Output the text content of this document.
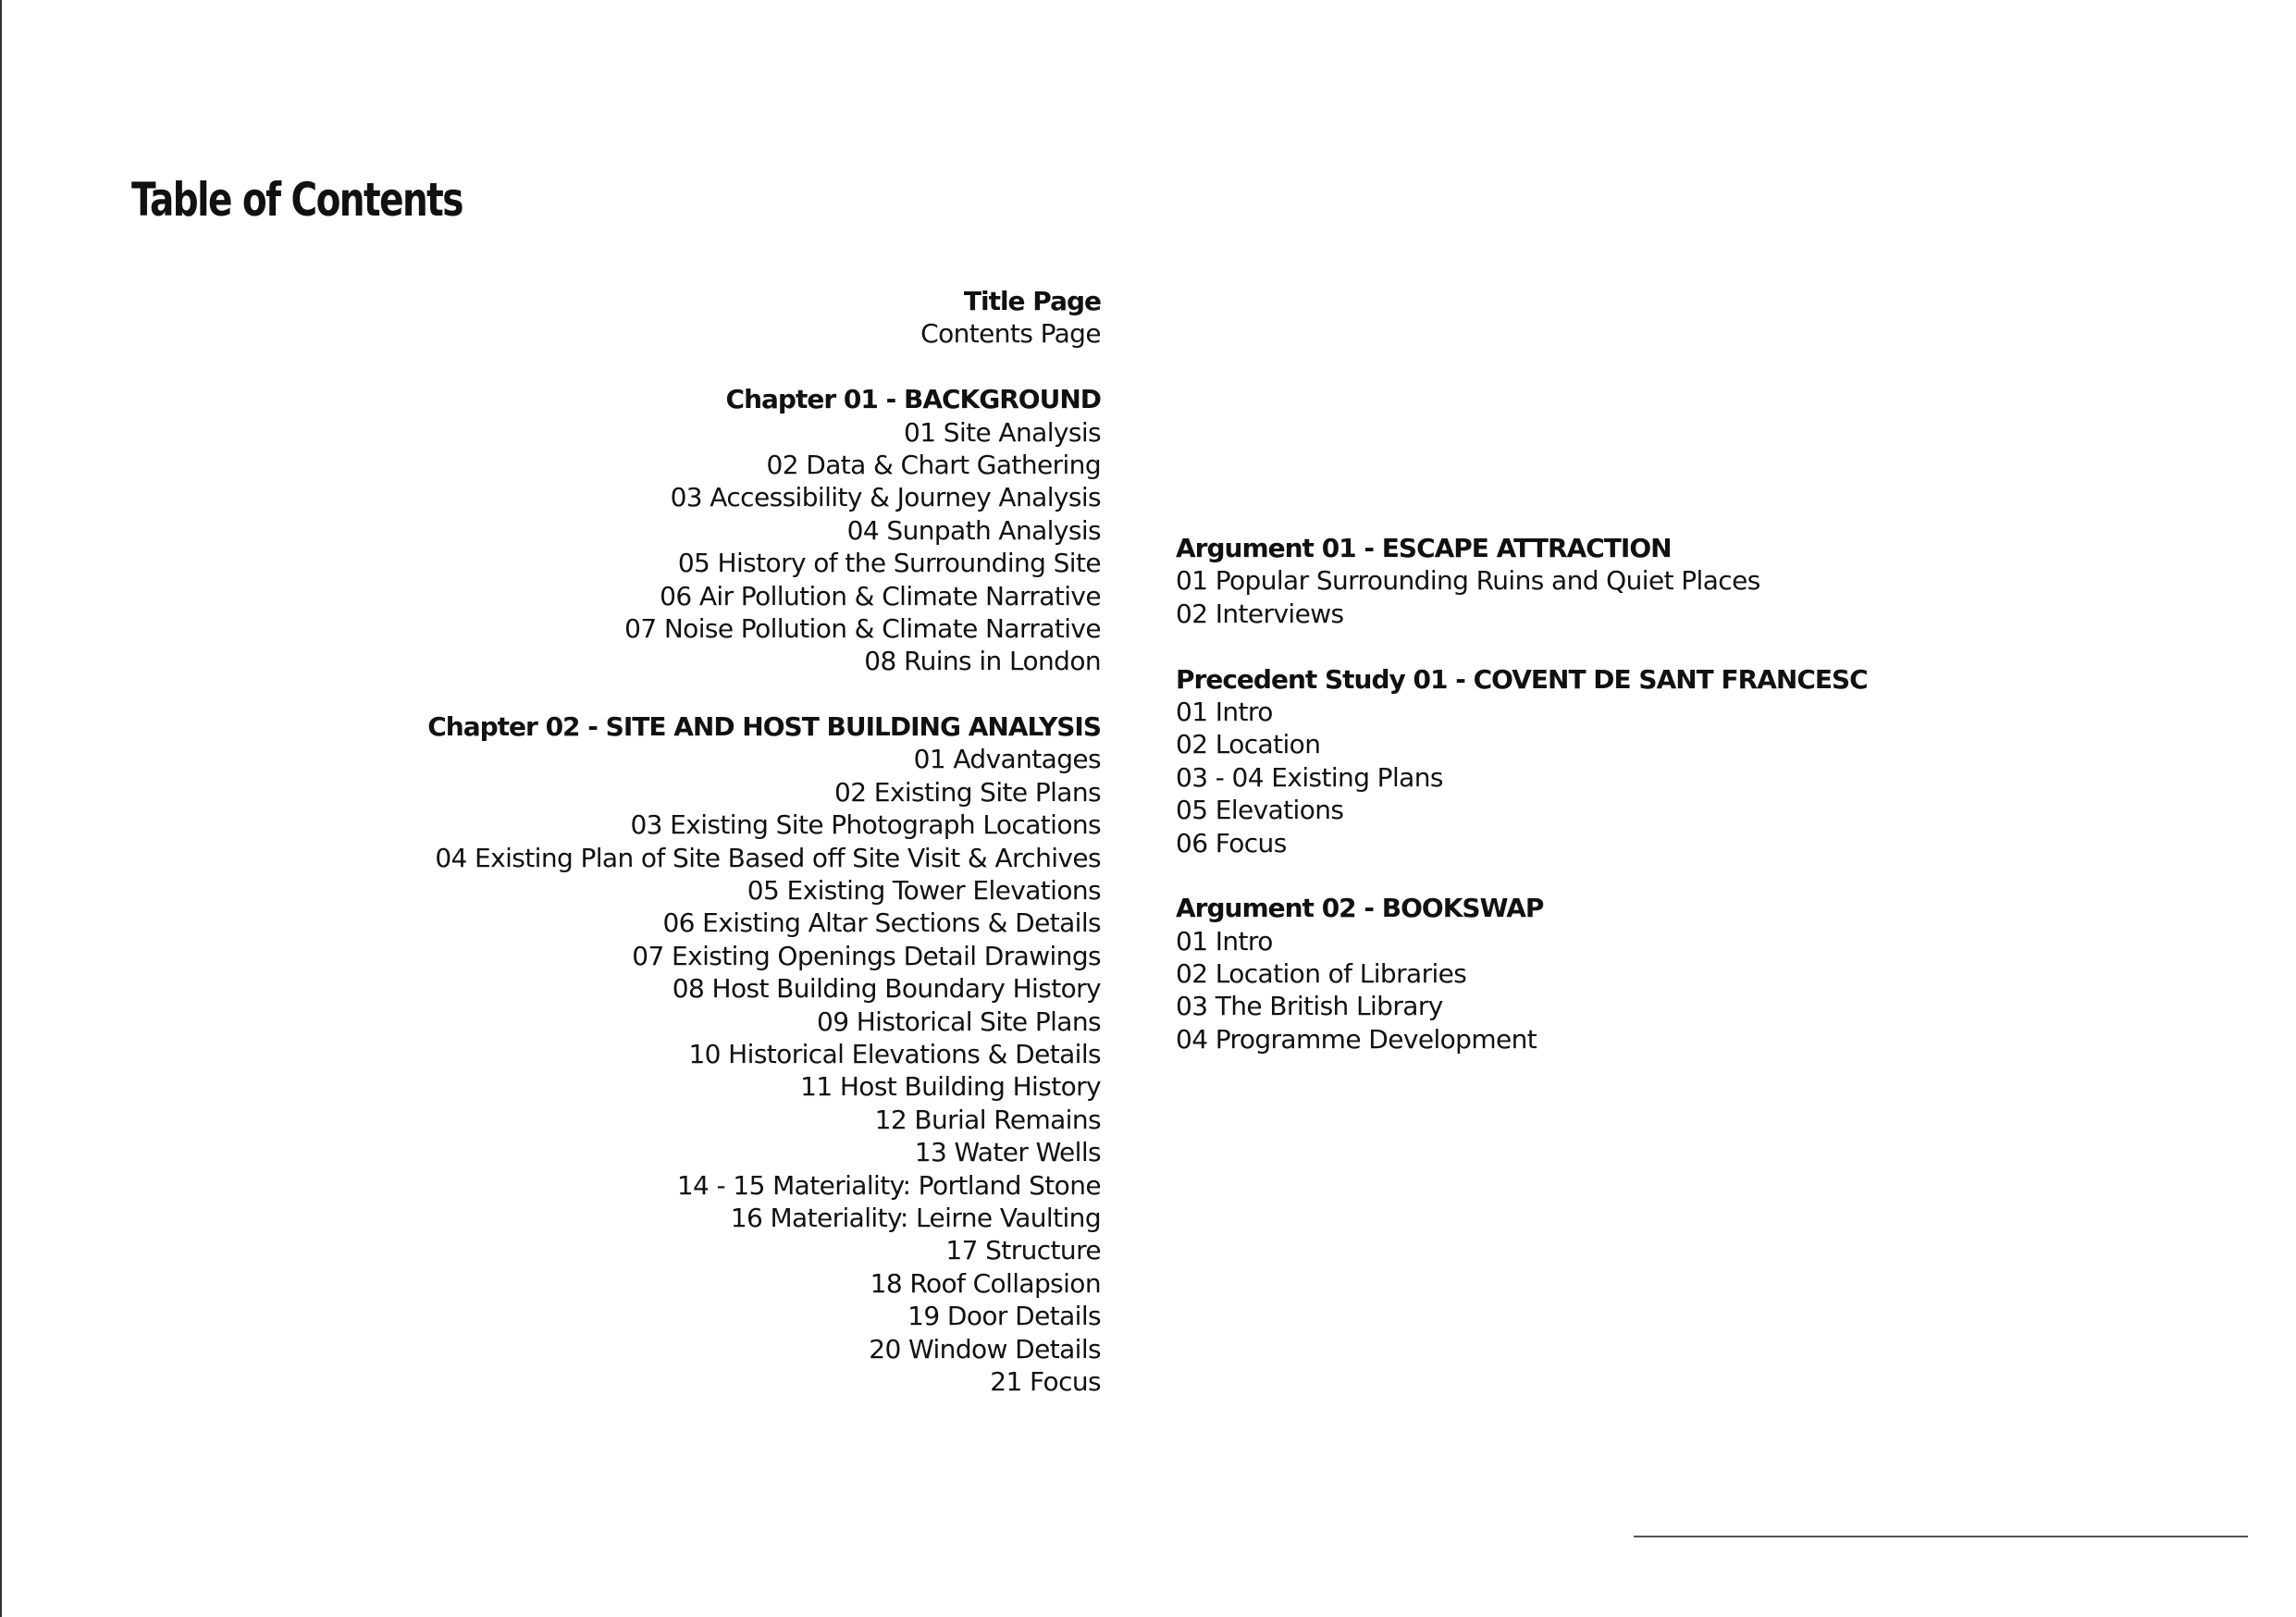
Table of Contents
Title Page
Contents Page
Chapter 01 - BACKGROUND
01 Site Analysis
02 Data & Chart Gathering
03 Accessibility & Journey Analysis
04 Sunpath Analysis
05 History of the Surrounding Site
06 Air Pollution & Climate Narrative
07 Noise Pollution & Climate Narrative
08 Ruins in London
Chapter 02 - SITE AND HOST BUILDING ANALYSIS
01 Advantages
02 Existing Site Plans
03 Existing Site Photograph Locations
04 Existing Plan of Site Based off Site Visit & Archives
05 Existing Tower Elevations
06 Existing Altar Sections & Details
07 Existing Openings Detail Drawings
08 Host Building Boundary History
09 Historical Site Plans
10 Historical Elevations & Details
11 Host Building History
12 Burial Remains
13 Water Wells
14 - 15 Materiality: Portland Stone
16 Materiality: Leirne Vaulting
17 Structure
18 Roof Collapsion
19 Door Details
20 Window Details
21 Focus
Argument 01 - ESCAPE ATTRACTION
01 Popular Surrounding Ruins and Quiet Places
02 Interviews
Precedent Study 01 - COVENT DE SANT FRANCESC
01 Intro
02 Location
03 - 04 Existing Plans
05 Elevations
06 Focus
Argument 02 - BOOKSWAP
01 Intro
02 Location of Libraries
03 The British Library
04 Programme Development
